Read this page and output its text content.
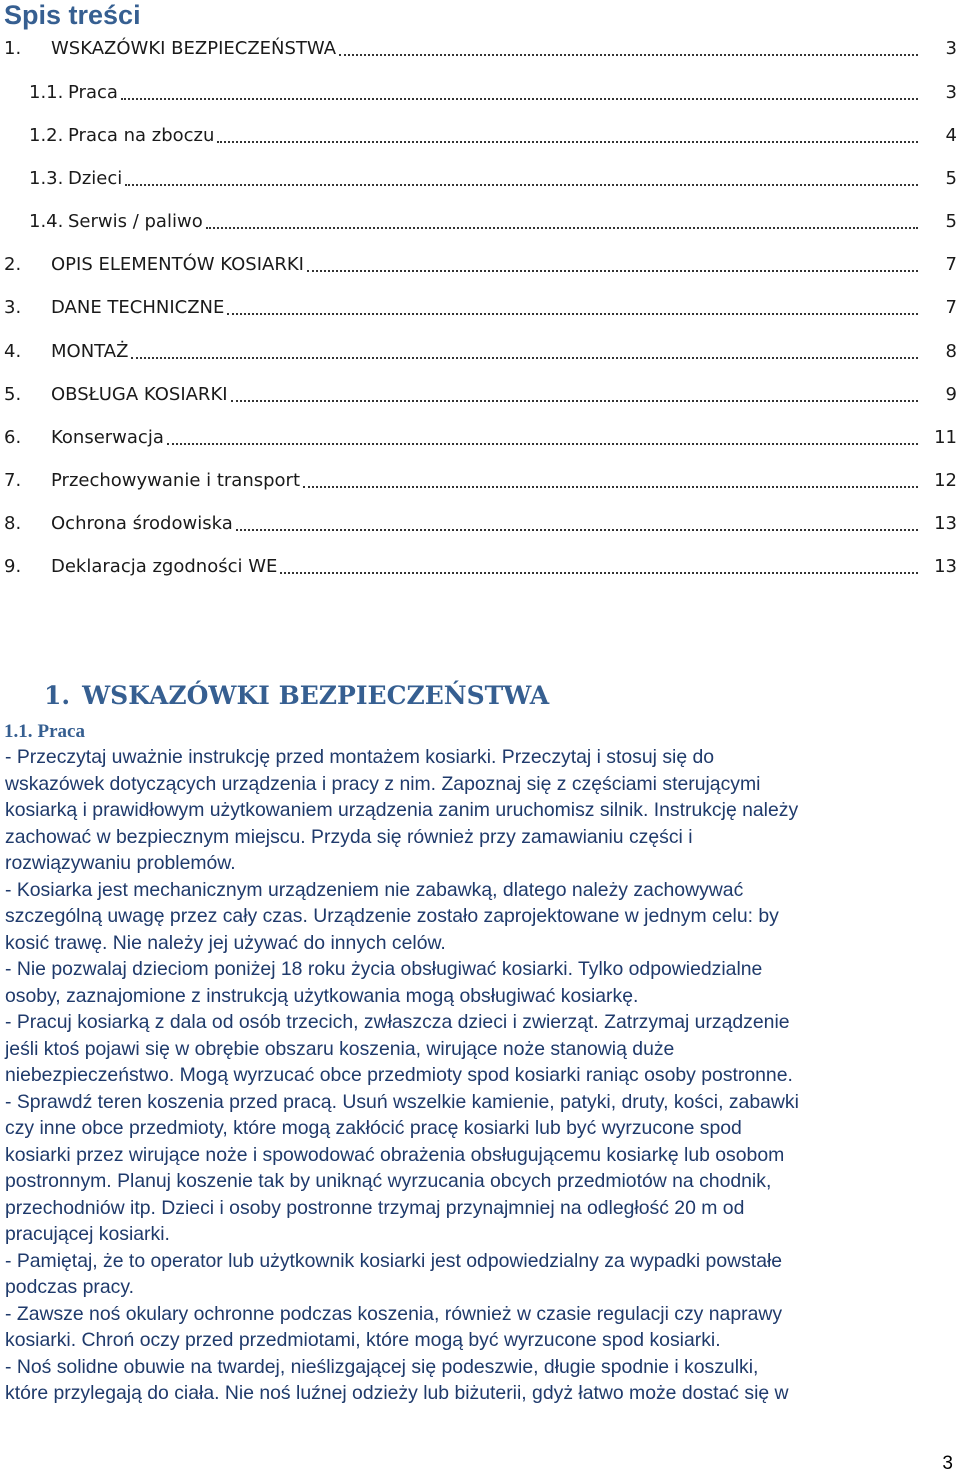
Spis treści
1. WSKAZÓWKI BEZPIECZEŃSTWA	3
1.1. Praca	3
1.2. Praca na zboczu	4
1.3. Dzieci	5
1.4. Serwis / paliwo	5
2. OPIS ELEMENTÓW KOSIARKI	7
3. DANE TECHNICZNE	7
4. MONTAŻ	8
5. OBSŁUGA KOSIARKI	9
6. Konserwacja	11
7. Przechowywanie i transport	12
8. Ochrona środowiska	13
9. Deklaracja zgodności WE	13
1. WSKAZÓWKI BEZPIECZEŃSTWA
1.1. Praca
- Przeczytaj uważnie instrukcję przed montażem kosiarki. Przeczytaj i stosuj się do
wskazówek dotyczących urządzenia i pracy z nim. Zapoznaj się z częściami sterującymi
kosiarką i prawidłowym użytkowaniem urządzenia zanim uruchomisz silnik. Instrukcję należy
zachować w bezpiecznym miejscu. Przyda się również przy zamawianiu części i
rozwiązywaniu problemów.
- Kosiarka jest mechanicznym urządzeniem nie zabawką, dlatego należy zachowywać
szczególną uwagę przez cały czas. Urządzenie zostało zaprojektowane w jednym celu: by
kosić trawę. Nie należy jej używać do innych celów.
- Nie pozwalaj dzieciom poniżej 18 roku życia obsługiwać kosiarki. Tylko odpowiedzialne
osoby, zaznajomione z instrukcją użytkowania mogą obsługiwać kosiarkę.
- Pracuj kosiarką z dala od osób trzecich, zwłaszcza dzieci i zwierząt. Zatrzymaj urządzenie
jeśli ktoś pojawi się w obrębie obszaru koszenia, wirujące noże stanowią duże
niebezpieczeństwo. Mogą wyrzucać obce przedmioty spod kosiarki raniąc osoby postronne.
- Sprawdź teren koszenia przed pracą. Usuń wszelkie kamienie, patyki, druty, kości, zabawki
czy inne obce przedmioty, które mogą zakłócić pracę kosiarki lub być wyrzucone spod
kosiarki przez wirujące noże i spowodować obrażenia obsługującemu kosiarkę lub osobom
postronnym. Planuj koszenie tak by uniknąć wyrzucania obcych przedmiotów na chodnik,
przechodniów itp. Dzieci i osoby postronne trzymaj przynajmniej na odległość 20 m od
pracującej kosiarki.
- Pamiętaj, że to operator lub użytkownik kosiarki jest odpowiedzialny za wypadki powstałe
podczas pracy.
- Zawsze noś okulary ochronne podczas koszenia, również w czasie regulacji czy naprawy
kosiarki. Chroń oczy przed przedmiotami, które mogą być wyrzucone spod kosiarki.
- Noś solidne obuwie na twardej, nieślizgającej się podeszwie, długie spodnie i koszulki,
które przylegają do ciała. Nie noś luźnej odzieży lub biżuterii, gdyż łatwo może dostać się w
3
